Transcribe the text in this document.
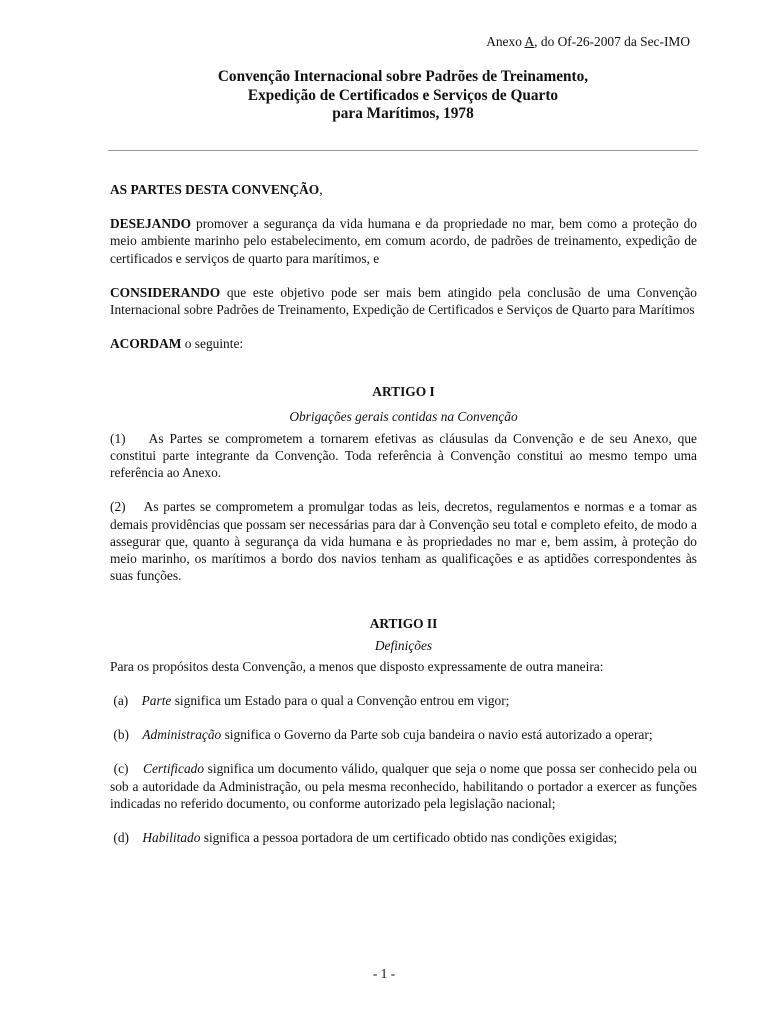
Anexo A, do Of-26-2007 da Sec-IMO
Convenção Internacional sobre Padrões de Treinamento,
Expedição de Certificados e Serviços de Quarto
para Marítimos, 1978

AS PARTES DESTA CONVENÇÃO,

DESEJANDO promover a segurança da vida humana e da propriedade no mar, bem como a proteção do meio ambiente marinho pelo estabelecimento, em comum acordo, de padrões de treinamento, expedição de certificados e serviços de quarto para marítimos, e

CONSIDERANDO que este objetivo pode ser mais bem atingido pela conclusão de uma Convenção Internacional sobre Padrões de Treinamento, Expedição de Certificados e Serviços de Quarto para Marítimos

ACORDAM o seguinte:

ARTIGO I

Obrigações gerais contidas na Convenção

(1)    As Partes se comprometem a tornarem efetivas as cláusulas da Convenção e de seu Anexo, que constitui parte integrante da Convenção. Toda referência à Convenção constitui ao mesmo tempo uma referência ao Anexo.

(2)    As partes se comprometem a promulgar todas as leis, decretos, regulamentos e normas e a tomar as demais providências que possam ser necessárias para dar à Convenção seu total e completo efeito, de modo a assegurar que, quanto à segurança da vida humana e às propriedades no mar e, bem assim, à proteção do meio marinho, os marítimos a bordo dos navios tenham as qualificações e as aptidões correspondentes às suas funções.

ARTIGO II

Definições

Para os propósitos desta Convenção, a menos que disposto expressamente de outra maneira:

(a)    Parte significa um Estado para o qual a Convenção entrou em vigor;

(b)    Administração significa o Governo da Parte sob cuja bandeira o navio está autorizado a operar;

(c)    Certificado significa um documento válido, qualquer que seja o nome que possa ser conhecido pela ou sob a autoridade da Administração, ou pela mesma reconhecido, habilitando o portador a exercer as funções indicadas no referido documento, ou conforme autorizado pela legislação nacional;

(d)    Habilitado significa a pessoa portadora de um certificado obtido nas condições exigidas;

- 1 -
